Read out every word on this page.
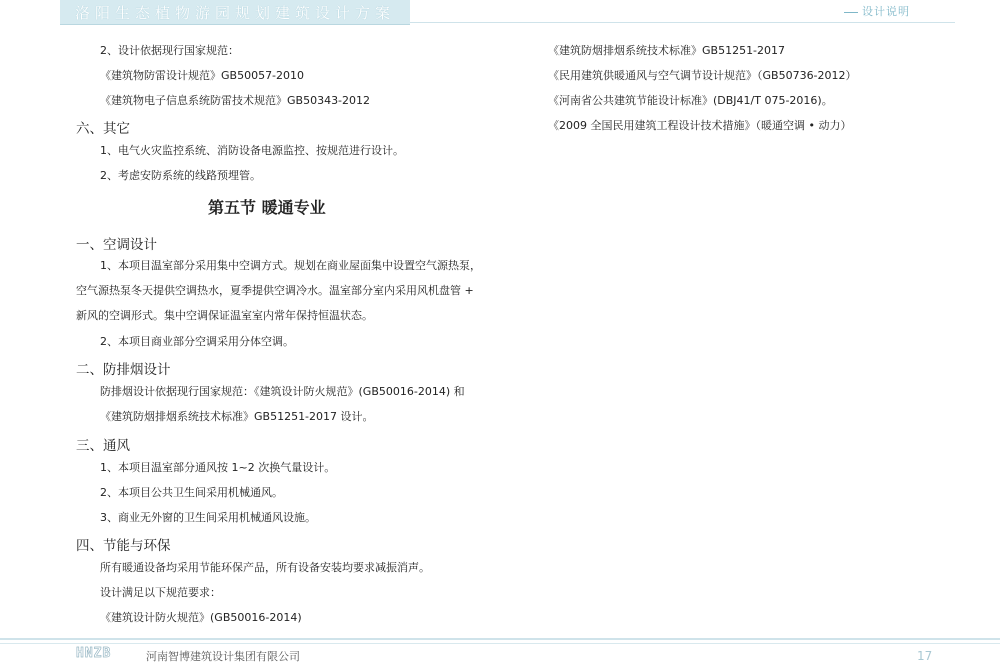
洛阳生态植物游园规划建筑设计方案	设计说明
2、设计依据现行国家规范：
《建筑物防雷设计规范》GB50057-2010
《建筑物电子信息系统防雷技术规范》GB50343-2012
六、其它
1、电气火灾监控系统、消防设备电源监控、按规范进行设计。
2、考虑安防系统的线路预埋管。
第五节 暖通专业
一、空调设计
1、本项目温室部分采用集中空调方式。规划在商业屋面集中设置空气源热泵，
空气源热泵冬天提供空调热水，夏季提供空调冷水。温室部分室内采用风机盘管 +
新风的空调形式。集中空调保证温室室内常年保持恒温状态。
2、本项目商业部分空调采用分体空调。
二、防排烟设计
防排烟设计依据现行国家规范：《建筑设计防火规范》(GB50016-2014) 和
《建筑防烟排烟系统技术标准》GB51251-2017 设计。
三、通风
1、本项目温室部分通风按 1~2 次换气量设计。
2、本项目公共卫生间采用机械通风。
3、商业无外窗的卫生间采用机械通风设施。
四、节能与环保
所有暖通设备均采用节能环保产品，所有设备安装均要求减振消声。
设计满足以下规范要求：
《建筑设计防火规范》(GB50016-2014)
《建筑防烟排烟系统技术标准》GB51251-2017
《民用建筑供暖通风与空气调节设计规范》（GB50736-2012）
《河南省公共建筑节能设计标准》(DBJ41/T 075-2016)。
《2009 全国民用建筑工程设计技术措施》（暖通空调 • 动力）
HNZB	河南智博建筑设计集团有限公司	17
